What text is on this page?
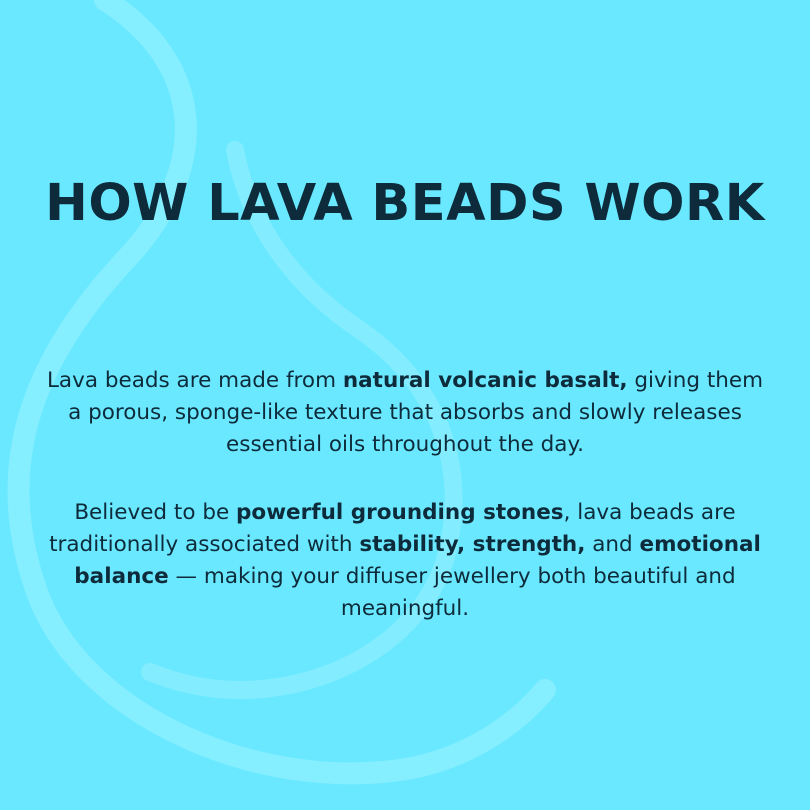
HOW LAVA BEADS WORK

Lava beads are made from natural volcanic basalt, giving them a porous, sponge-like texture that absorbs and slowly releases essential oils throughout the day.

Believed to be powerful grounding stones, lava beads are traditionally associated with stability, strength, and emotional balance — making your diffuser jewellery both beautiful and meaningful.
